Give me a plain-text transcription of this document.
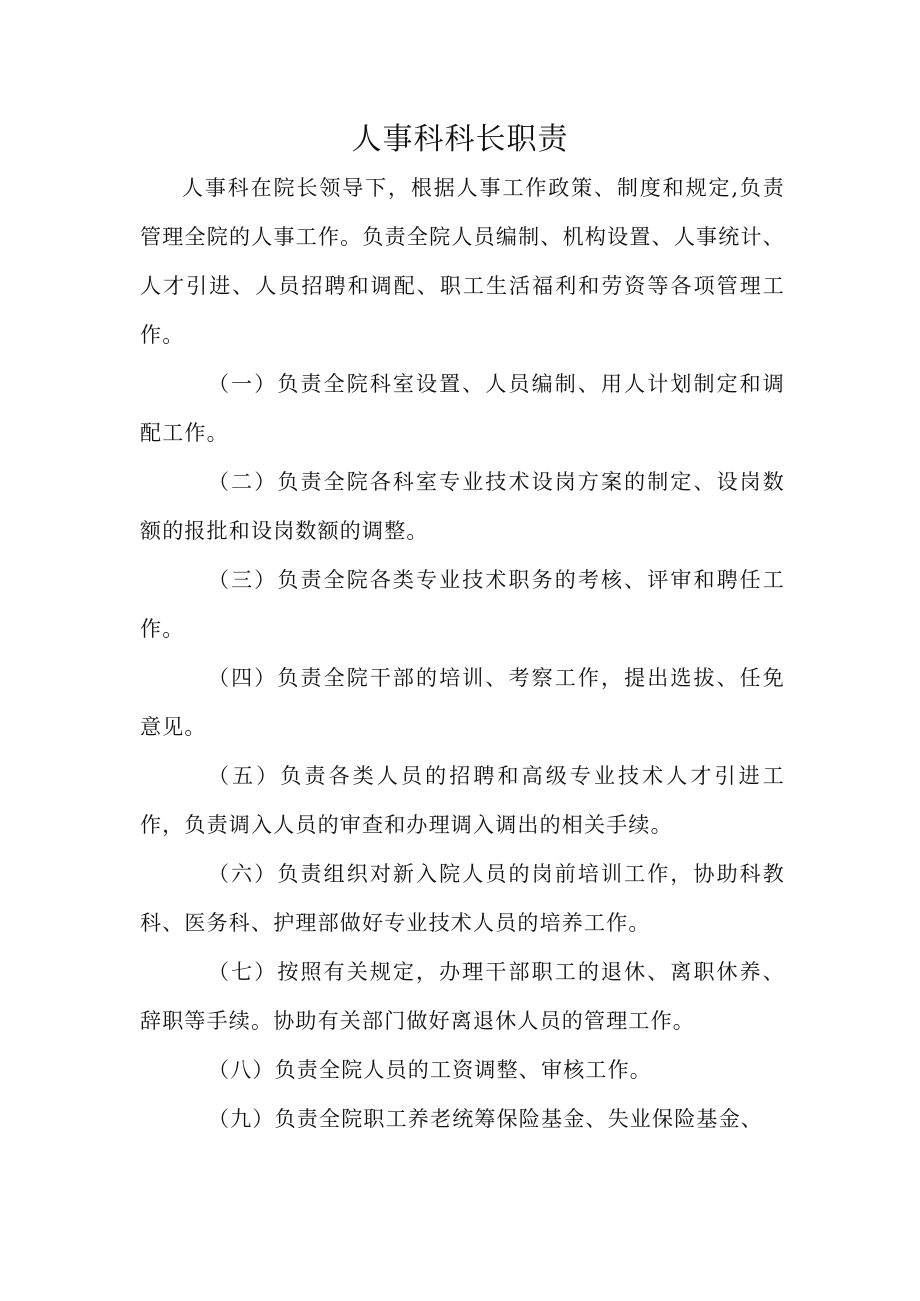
人事科科长职责

人事科在院长领导下，根据人事工作政策、制度和规定,负责管理全院的人事工作。负责全院人员编制、机构设置、人事统计、人才引进、人员招聘和调配、职工生活福利和劳资等各项管理工作。

（一）负责全院科室设置、人员编制、用人计划制定和调配工作。

（二）负责全院各科室专业技术设岗方案的制定、设岗数额的报批和设岗数额的调整。

（三）负责全院各类专业技术职务的考核、评审和聘任工作。

（四）负责全院干部的培训、考察工作，提出选拔、任免意见。

（五）负责各类人员的招聘和高级专业技术人才引进工作，负责调入人员的审查和办理调入调出的相关手续。

（六）负责组织对新入院人员的岗前培训工作，协助科教科、医务科、护理部做好专业技术人员的培养工作。

（七）按照有关规定，办理干部职工的退休、离职休养、辞职等手续。协助有关部门做好离退休人员的管理工作。

（八）负责全院人员的工资调整、审核工作。

（九）负责全院职工养老统筹保险基金、失业保险基金、
